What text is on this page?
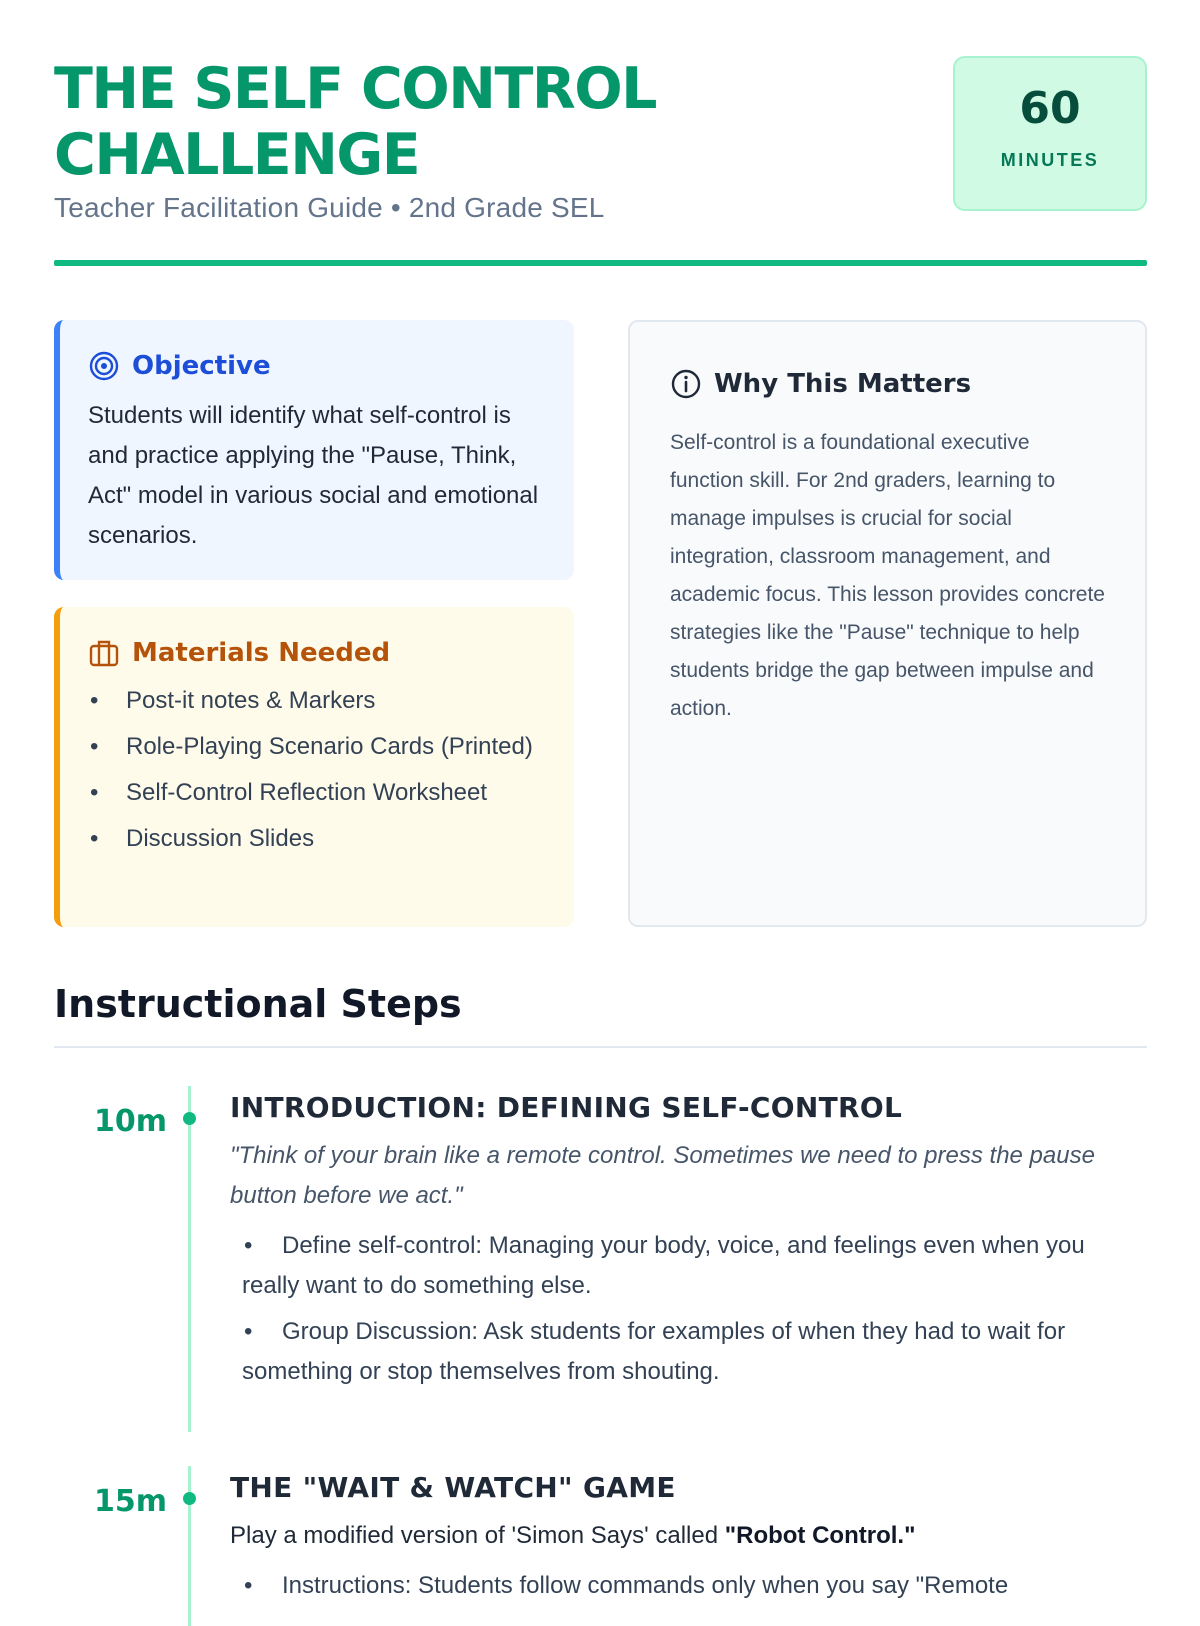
THE SELF CONTROL
CHALLENGE
Teacher Facilitation Guide • 2nd Grade SEL
60
MINUTES
Objective
Students will identify what self-control is and practice applying the "Pause, Think, Act" model in various social and emotional scenarios.
Materials Needed
• Post-it notes & Markers
• Role-Playing Scenario Cards (Printed)
• Self-Control Reflection Worksheet
• Discussion Slides
Why This Matters
Self-control is a foundational executive function skill. For 2nd graders, learning to manage impulses is crucial for social integration, classroom management, and academic focus. This lesson provides concrete strategies like the "Pause" technique to help students bridge the gap between impulse and action.
Instructional Steps
10m	INTRODUCTION: DEFINING SELF-CONTROL
"Think of your brain like a remote control. Sometimes we need to press the pause button before we act."
• Define self-control: Managing your body, voice, and feelings even when you really want to do something else.
• Group Discussion: Ask students for examples of when they had to wait for something or stop themselves from shouting.
15m	THE "WAIT & WATCH" GAME
Play a modified version of 'Simon Says' called "Robot Control."
• Instructions: Students follow commands only when you say "Remote
